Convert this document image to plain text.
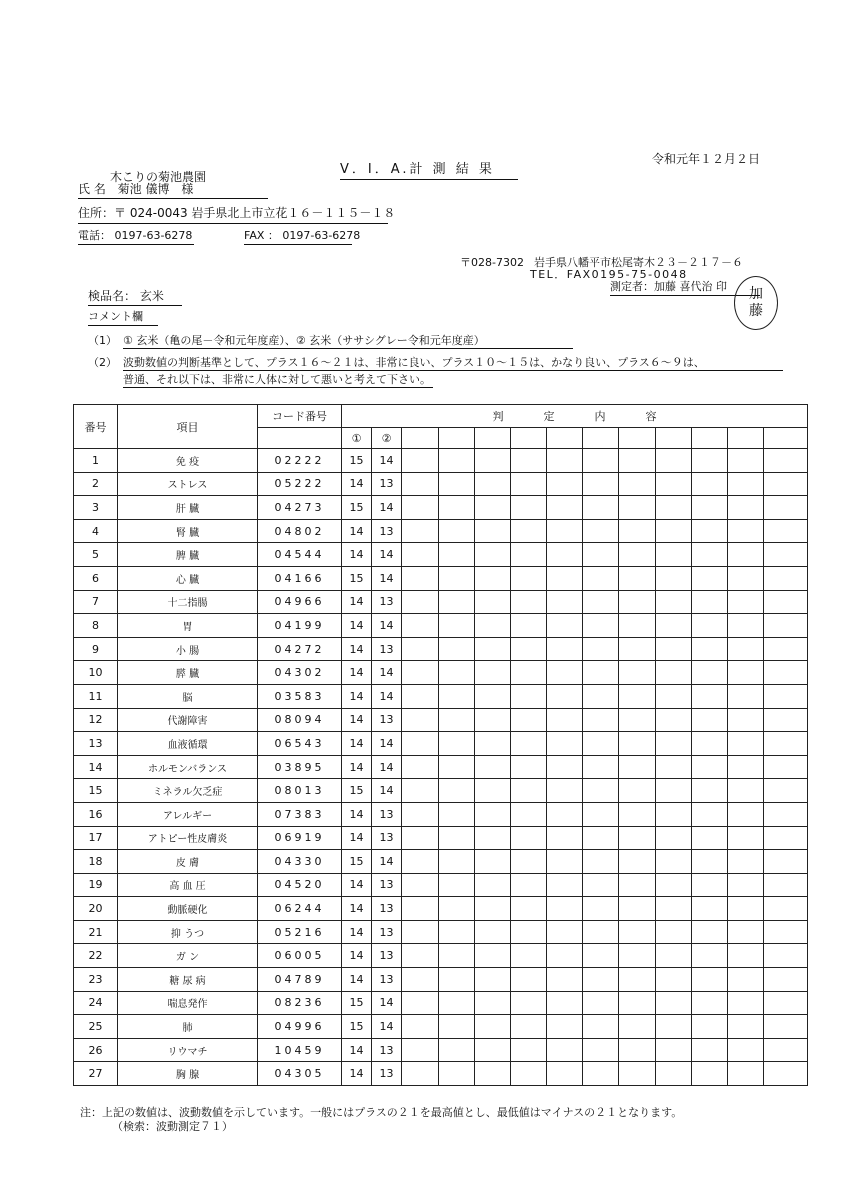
V．I．A.計 測 結 果
令和元年１２月２日
木こりの菊池農園
氏 名 菊池 儀博 様
住所：〒 024-0043 岩手県北上市立花１６－１１５－１８
電話： 0197-63-6278	FAX ： 0197-63-6278
〒028-7302 岩手県八幡平市松尾寄木２３－２１７－６
TEL．FAX0195-75-0048
測定者：加藤 喜代治 印	加
藤
検品名： 玄米
コメント欄
（1） ① 玄米（亀の尾－令和元年度産）、② 玄米（ササシグレー令和元年度産）
（2） 波動数値の判断基準として、プラス１６～２１は、非常に良い、プラス１０～１５は、かなり良い、プラス６～９は、
普通、それ以下は、非常に人体に対して悪いと考えて下さい。
番号	項目	コード番号	判定内容												
			①	②											
1	免 疫	02222	15	14											
2	ストレス	05222	14	13											
3	肝 臓	04273	15	14											
4	腎 臓	04802	14	13											
5	脾 臓	04544	14	14											
6	心 臓	04166	15	14											
7	十二指腸	04966	14	13											
8	胃	04199	14	14											
9	小 腸	04272	14	13											
10	膵 臓	04302	14	14											
11	脳	03583	14	14											
12	代謝障害	08094	14	13											
13	血液循環	06543	14	14											
14	ホルモンバランス	03895	14	14											
15	ミネラル欠乏症	08013	15	14											
16	アレルギー	07383	14	13											
17	アトピー性皮膚炎	06919	14	13											
18	皮 膚	04330	15	14											
19	高 血 圧	04520	14	13											
20	動脈硬化	06244	14	13											
21	抑 うつ	05216	14	13											
22	ガ ン	06005	14	13											
23	糖 尿 病	04789	14	13											
24	喘息発作	08236	15	14											
25	肺	04996	15	14											
26	リウマチ	10459	14	13											
27	胸 腺	04305	14	13											
注：上記の数値は、波動数値を示しています。一般にはプラスの２１を最高値とし、最低値はマイナスの２１となります。
（検索：波動測定７１）
